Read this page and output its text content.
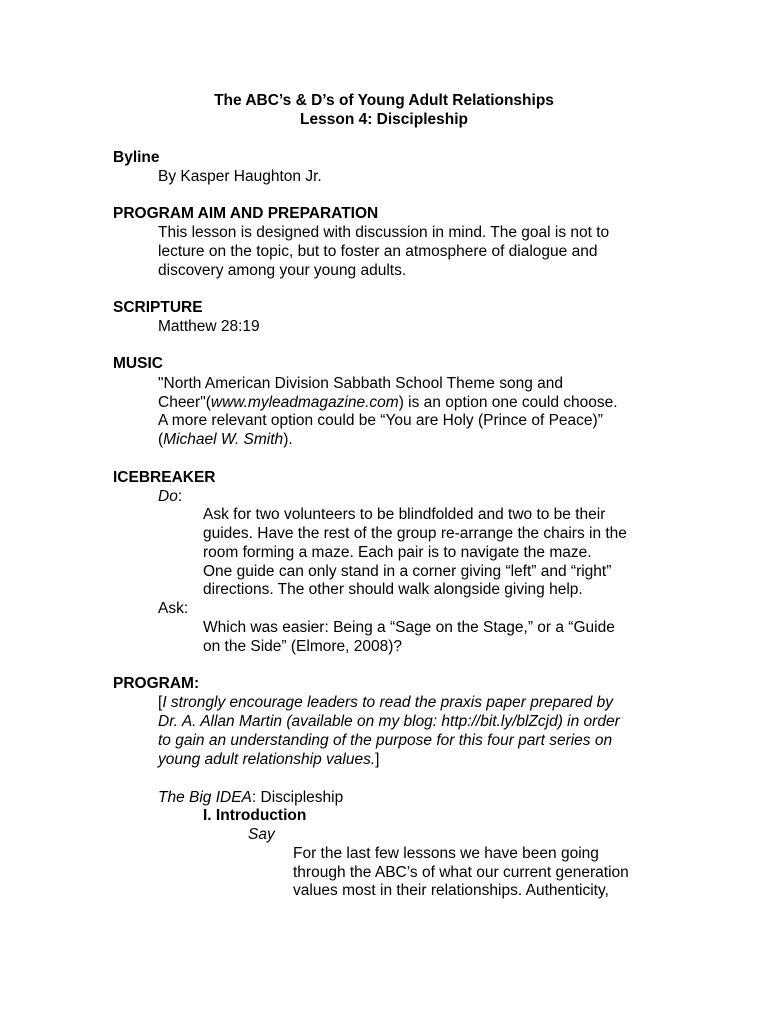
The ABC’s & D’s of Young Adult Relationships
Lesson 4: Discipleship
Byline
By Kasper Haughton Jr.
PROGRAM AIM AND PREPARATION
This lesson is designed with discussion in mind. The goal is not to
lecture on the topic, but to foster an atmosphere of dialogue and
discovery among your young adults.
SCRIPTURE
Matthew 28:19
MUSIC
"North American Division Sabbath School Theme song and
Cheer"(www.myleadmagazine.com) is an option one could choose.
A more relevant option could be “You are Holy (Prince of Peace)”
(Michael W. Smith).
ICEBREAKER
Do:
Ask for two volunteers to be blindfolded and two to be their
guides. Have the rest of the group re-arrange the chairs in the
room forming a maze. Each pair is to navigate the maze.
One guide can only stand in a corner giving “left” and “right”
directions. The other should walk alongside giving help.
Ask:
Which was easier: Being a “Sage on the Stage,” or a “Guide
on the Side” (Elmore, 2008)?
PROGRAM:
[I strongly encourage leaders to read the praxis paper prepared by
Dr. A. Allan Martin (available on my blog: http://bit.ly/blZcjd) in order
to gain an understanding of the purpose for this four part series on
young adult relationship values.]
The Big IDEA: Discipleship
I. Introduction
Say
For the last few lessons we have been going
through the ABC’s of what our current generation
values most in their relationships. Authenticity,
